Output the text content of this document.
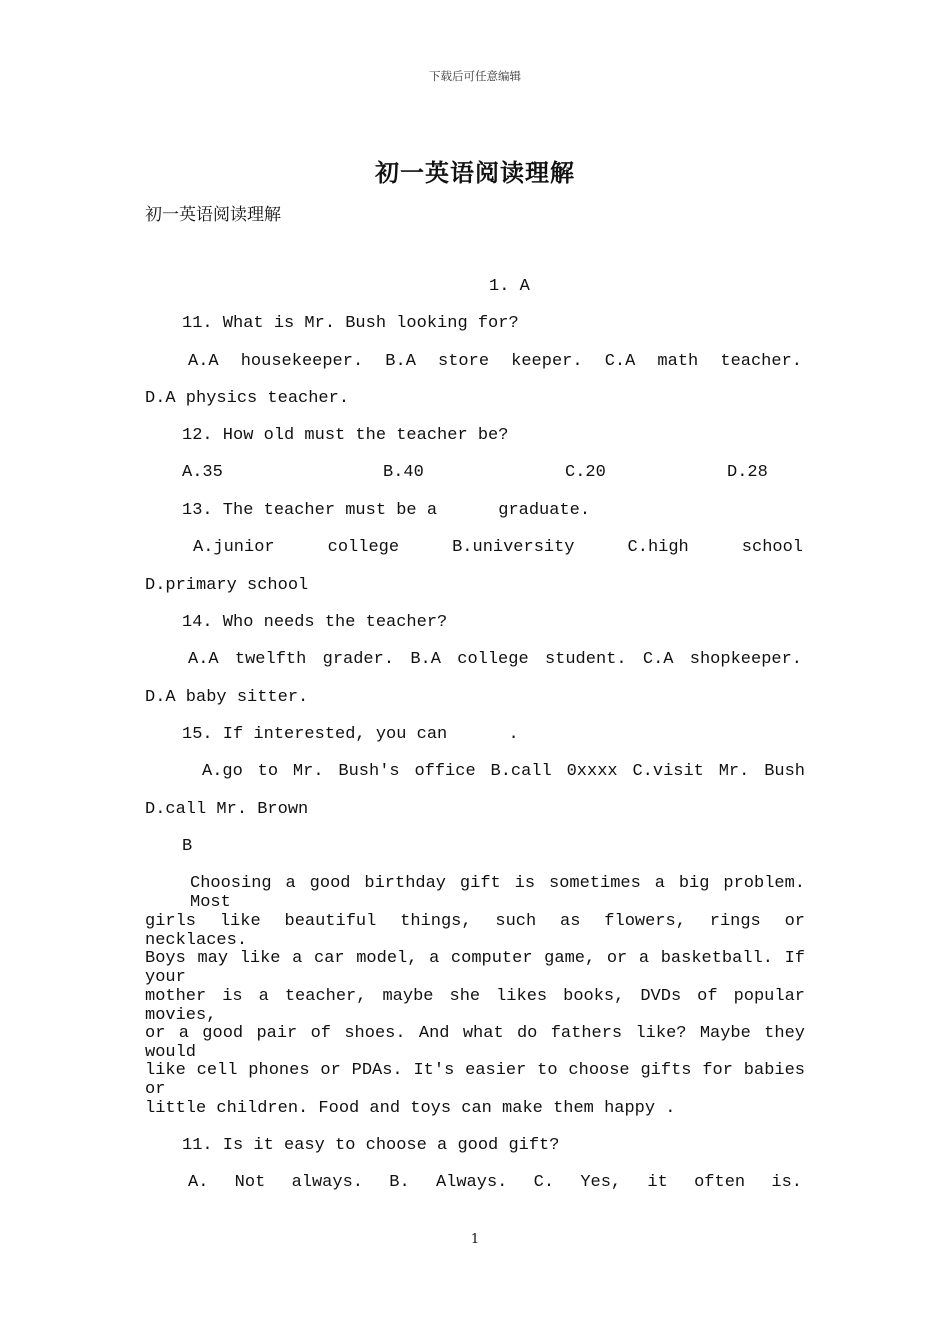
下载后可任意编辑
初一英语阅读理解
初一英语阅读理解
1. A
11. What is Mr. Bush looking for?
A.A housekeeper. B.A store keeper. C.A math teacher.
D.A physics teacher.
12. How old must the teacher be?
A.35	B.40	C.20	D.28
13. The teacher must be a      graduate.
A.junior college B.university C.high school
D.primary school
14. Who needs the teacher?
A.A twelfth grader. B.A college student. C.A shopkeeper.
D.A baby sitter.
15. If interested, you can      .
A.go to Mr. Bush's office B.call 0xxxx C.visit Mr. Bush
D.call Mr. Brown
B
Choosing a good birthday gift is sometimes a big problem. Most
girls like beautiful things, such as flowers, rings or necklaces.
Boys may like a car model, a computer game, or a basketball. If your
mother is a teacher, maybe she likes books, DVDs of popular movies,
or a good pair of shoes. And what do fathers like? Maybe they would
like cell phones or PDAs. It's easier to choose gifts for babies or
little children. Food and toys can make them happy .
11. Is it easy to choose a good gift?
A. Not always. B. Always. C. Yes, it often is.
1
